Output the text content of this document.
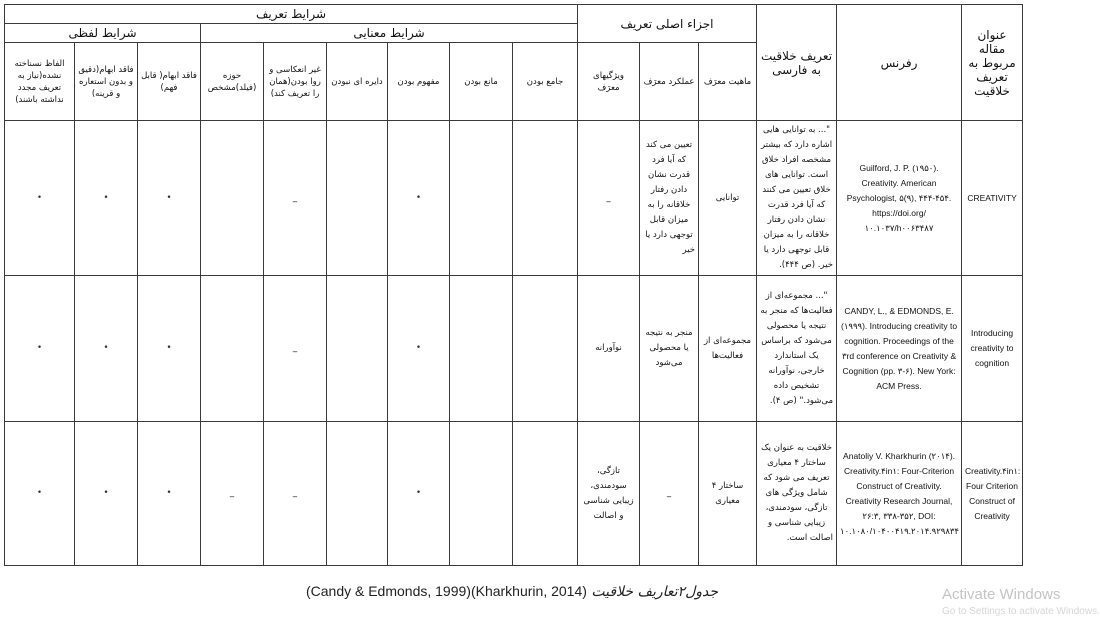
عنوان مقاله مربوط به تعریف خلاقیت	رفرنس	تعریف خلاقیت به فارسی	اجزاء اصلی تعریف			شرایط تعریف								
						شرایط معنایی						شرایط لفظی		
			ماهیت معرَف	عملکرد معرَف	ویژگیهای معرَف	جامع بودن	مانع بودن	مفهوم بودن	دایره ای نبودن	غیر انعکاسی و روا بودن(همان را تعریف کند)	حوزه (فیلد)مشخص	فاقد ابهام( قابل فهم)	فاقد ابهام(دقیق و بدون استعاره و قرینه)	الفاظ نسناخته نشده(نیاز به تعریف مجدد نداشته باشند)
CREATIVITY	Guilford, J. P. (۱۹۵۰). Creativity. American Psychologist, ۵(۹), ۴۴۴-۴۵۴. https://doi.org/۱۰.۱۰۳۷/h۰۰۶۳۴۸۷	"... به توانایی هایی اشاره دارد که بیشتر مشخصه افراد خلاق است. توانایی های خلاق تعیین می کنند که آیا فرد قدرت نشان دادن رفتار خلاقانه را به میزان قابل توجهی دارد یا خیر. (ص ۴۴۴).	توانایی	تعیین می کند که آیا فرد قدرت نشان دادن رفتار خلاقانه را به میزان قابل توجهی دارد یا خیر	_			•		_		•	•	•
Introducing creativity to cognition	CANDY, L., & EDMONDS, E. (۱۹۹۹). Introducing creativity to cognition. Proceedings of the ۳rd conference on Creativity & Cognition (pp. ۳-۶). New York: ACM Press.	"... مجموعه‌ای از فعالیت‌ها که منجر به نتیجه یا محصولی می‌شود که براساس یک استاندارد خارجی، نوآورانه تشخیص داده می‌شود." (ص ۴).	مجموعه‌ای از فعالیت‌ها	منجر به نتیجه یا محصولی می‌شود	نوآورانه			•		_		•	•	•
Creativity.۴in۱: Four Criterion Construct of Creativity	Anatoliy V. Kharkhurin (۲۰۱۴). Creativity.۴in۱: Four-Criterion Construct of Creativity. Creativity Research Journal, ۲۶:۳, ۳۳۸-۳۵۲, DOI: ۱۰.۱۰۸۰/۱۰۴۰۰۴۱۹.۲۰۱۴.۹۲۹۸۳۴	خلاقیت به عنوان یک ساختار ۴ معیاری تعریف می شود که شامل ویژگی های تازگی، سودمندی، زیبایی شناسی و اصالت است.	ساختار ۴ معیاری	_	تازگی، سودمندی، زیبایی شناسی و اصالت			•		_	_	•	•	•
(Candy & Edmonds, 1999)(Kharkhurin, 2014) جدول۲تعاریف خلاقیت	Activate Windows
Go to Settings to activate Windows.
